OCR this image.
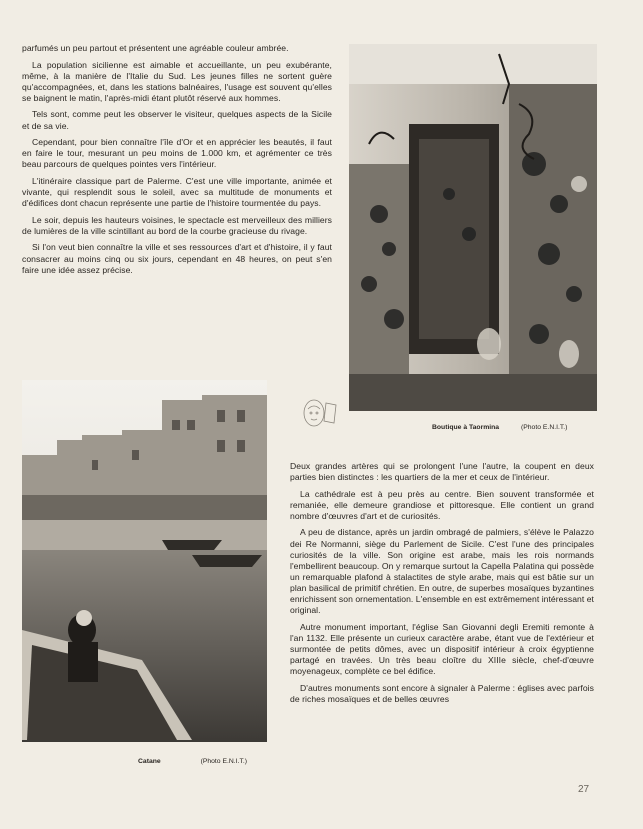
parfumés un peu partout et présentent une agréable couleur ambrée.

La population sicilienne est aimable et accueillante, un peu exubérante, même, à la manière de l'Italie du Sud. Les jeunes filles ne sortent guère qu'accompagnées, et, dans les stations balnéaires, l'usage est souvent qu'elles se baignent le matin, l'après-midi étant plutôt réservé aux hommes.

Tels sont, comme peut les observer le visiteur, quelques aspects de la Sicile et de sa vie.

Cependant, pour bien connaître l'île d'Or et en apprécier les beautés, il faut en faire le tour, mesurant un peu moins de 1.000 km, et agrémenter ce très beau parcours de quelques pointes vers l'intérieur.

L'itinéraire classique part de Palerme. C'est une ville importante, animée et vivante, qui resplendit sous le soleil, avec sa multitude de monuments et d'édifices dont chacun représente une partie de l'histoire tourmentée du pays.

Le soir, depuis les hauteurs voisines, le spectacle est merveilleux des milliers de lumières de la ville scintillant au bord de la courbe gracieuse du rivage.

Si l'on veut bien connaître la ville et ses ressources d'art et d'histoire, il y faut consacrer au moins cinq ou six jours, cependant en 48 heures, on peut s'en faire une idée assez précise.

Boutique à Taormina	(Photo E.N.I.T.)
Catane	(Photo E.N.I.T.)

Deux grandes artères qui se prolongent l'une l'autre, la coupent en deux parties bien distinctes : les quartiers de la mer et ceux de l'intérieur.

La cathédrale est à peu près au centre. Bien souvent transformée et remaniée, elle demeure grandiose et pittoresque. Elle contient un grand nombre d'œuvres d'art et de curiosités.

A peu de distance, après un jardin ombragé de palmiers, s'élève le Palazzo dei Re Normanni, siège du Parlement de Sicile. C'est l'une des principales curiosités de la ville. Son origine est arabe, mais les rois normands l'embellirent beaucoup. On y remarque surtout la Capella Palatina qui possède un remarquable plafond à stalactites de style arabe, mais qui est bâtie sur un plan basilical de primitif chrétien. En outre, de superbes mosaïques byzantines enrichissent son ornementation. L'ensemble en est extrêmement intéressant et original.

Autre monument important, l'église San Giovanni degli Eremiti remonte à l'an 1132. Elle présente un curieux caractère arabe, étant vue de l'extérieur et surmontée de petits dômes, avec un dispositif intérieur à croix égyptienne partagé en travées. Un très beau cloître du XIIIe siècle, chef-d'œuvre moyenageux, complète ce bel édifice.

D'autres monuments sont encore à signaler à Palerme : églises avec parfois de riches mosaïques et de belles œuvres

27
